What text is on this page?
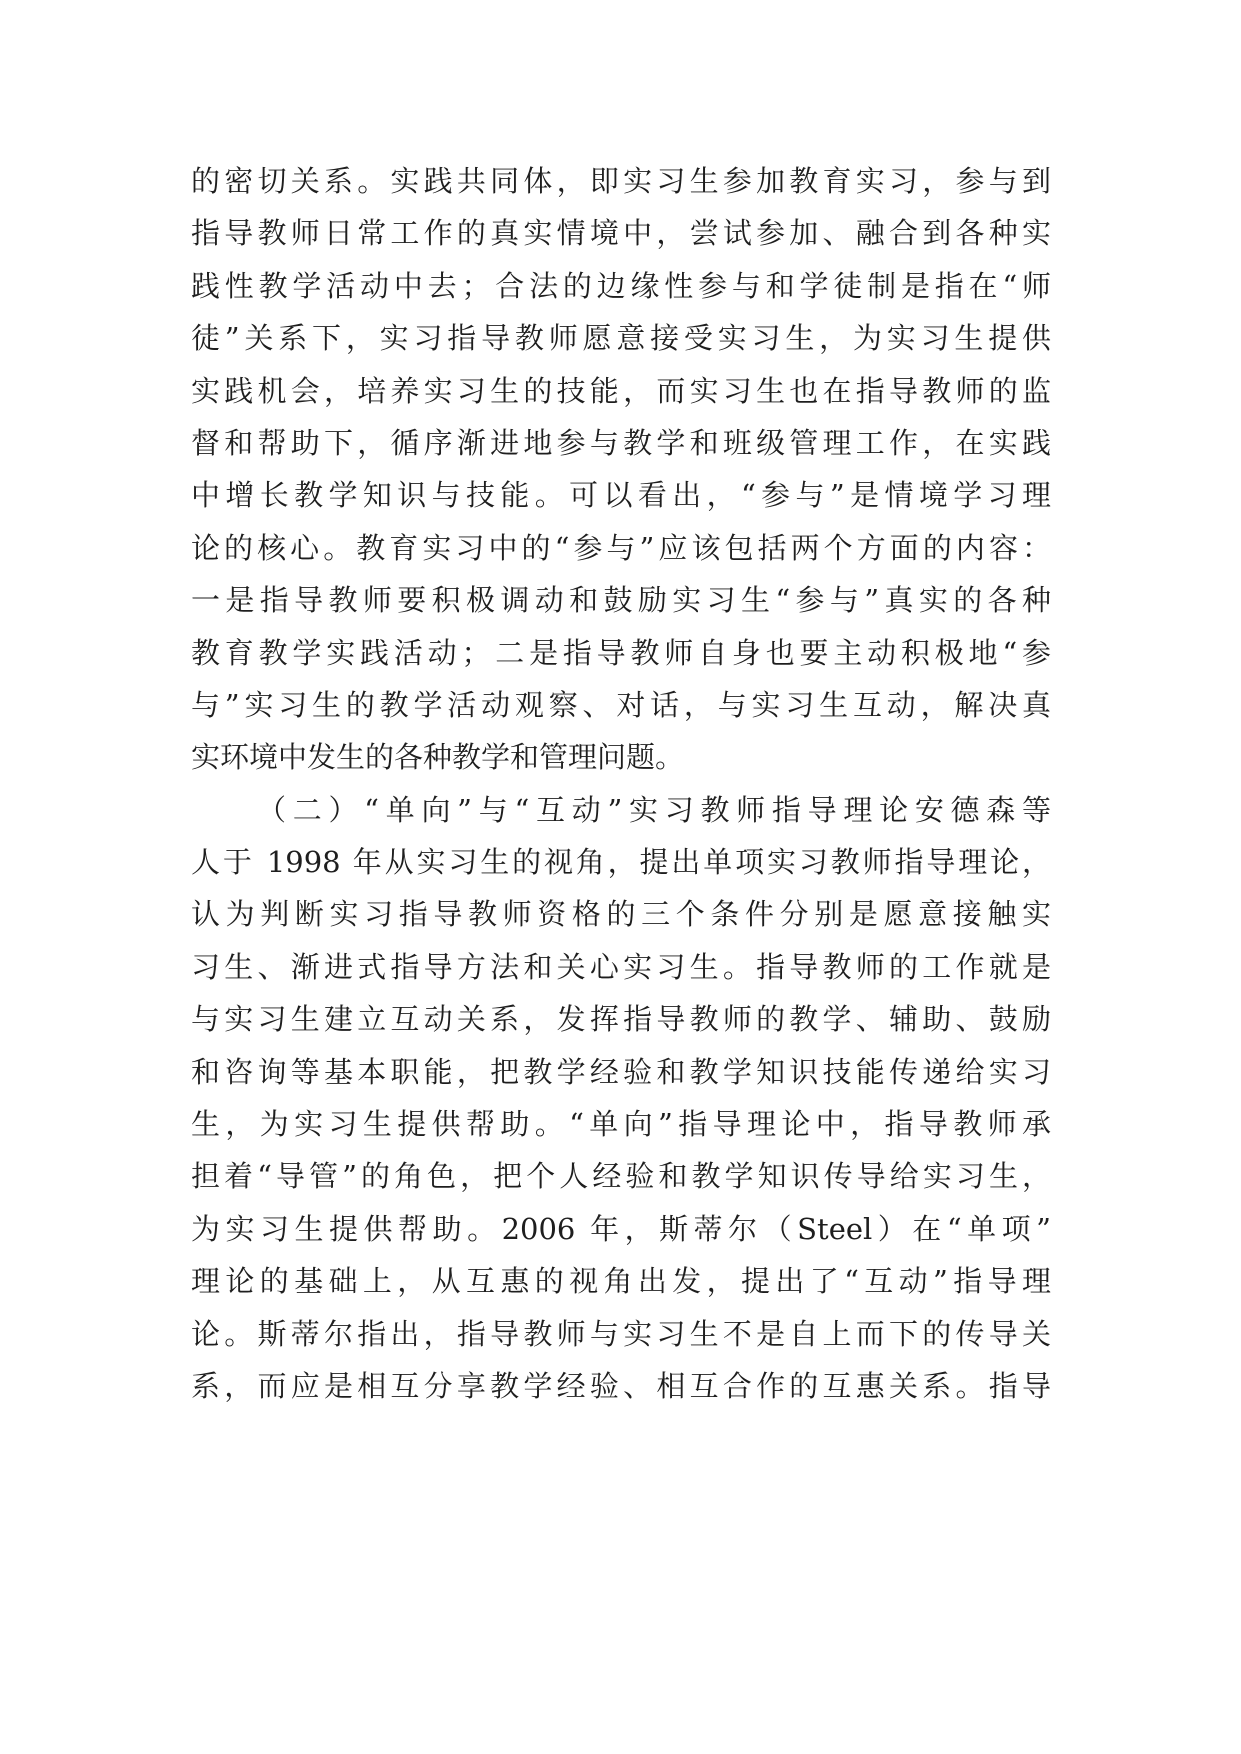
的密切关系。实践共同体，即实习生参加教育实习，参与到
指导教师日常工作的真实情境中，尝试参加、融合到各种实
践性教学活动中去；合法的边缘性参与和学徒制是指在“师
徒”关系下，实习指导教师愿意接受实习生，为实习生提供
实践机会，培养实习生的技能，而实习生也在指导教师的监
督和帮助下，循序渐进地参与教学和班级管理工作，在实践
中增长教学知识与技能。可以看出，“参与”是情境学习理
论的核心。教育实习中的“参与”应该包括两个方面的内容：
一是指导教师要积极调动和鼓励实习生“参与”真实的各种
教育教学实践活动；二是指导教师自身也要主动积极地“参
与”实习生的教学活动观察、对话，与实习生互动，解决真
实环境中发生的各种教学和管理问题。
（二）“单向”与“互动”实习教师指导理论安德森等
人于 1998 年从实习生的视角，提出单项实习教师指导理论，
认为判断实习指导教师资格的三个条件分别是愿意接触实
习生、渐进式指导方法和关心实习生。指导教师的工作就是
与实习生建立互动关系，发挥指导教师的教学、辅助、鼓励
和咨询等基本职能，把教学经验和教学知识技能传递给实习
生，为实习生提供帮助。“单向”指导理论中，指导教师承
担着“导管”的角色，把个人经验和教学知识传导给实习生，
为实习生提供帮助。2006 年，斯蒂尔（Steel）在“单项”
理论的基础上，从互惠的视角出发，提出了“互动”指导理
论。斯蒂尔指出，指导教师与实习生不是自上而下的传导关
系，而应是相互分享教学经验、相互合作的互惠关系。指导
